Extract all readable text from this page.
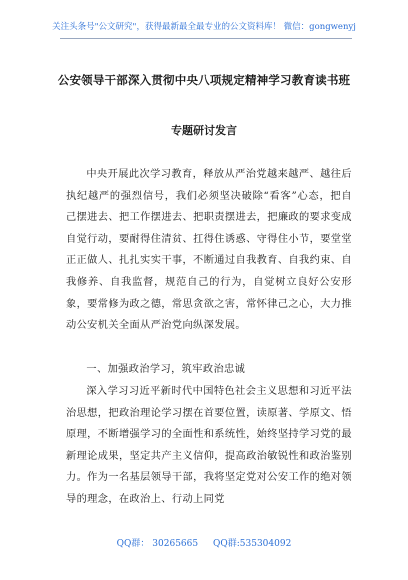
关注头条号"公文研究"，获得最新最全最专业的公文资料库！ 微信：gongwenyj
公安领导干部深入贯彻中央八项规定精神学习教育读书班
专题研讨发言

中央开展此次学习教育，释放从严治党越来越严、越往后执纪越严的强烈信号，我们必须坚决破除“看客”心态，把自己摆进去、把工作摆进去、把职责摆进去，把廉政的要求变成自觉行动，要耐得住清贫、扛得住诱惑、守得住小节，要堂堂正正做人、扎扎实实干事，不断通过自我教育、自我约束、自我修养、自我监督，规范自己的行为，自觉树立良好公安形象，要常修为政之德，常思贪欲之害，常怀律己之心，大力推动公安机关全面从严治党向纵深发展。

一、加强政治学习，筑牢政治忠诚

深入学习习近平新时代中国特色社会主义思想和习近平法治思想，把政治理论学习摆在首要位置，读原著、学原文、悟原理，不断增强学习的全面性和系统性，始终坚持学习党的最新理论成果，坚定共产主义信仰，提高政治敏锐性和政治鉴别力。作为一名基层领导干部，我将坚定党对公安工作的绝对领导的理念，在政治上、行动上同党

QQ群： 30265665 QQ群:535304092
